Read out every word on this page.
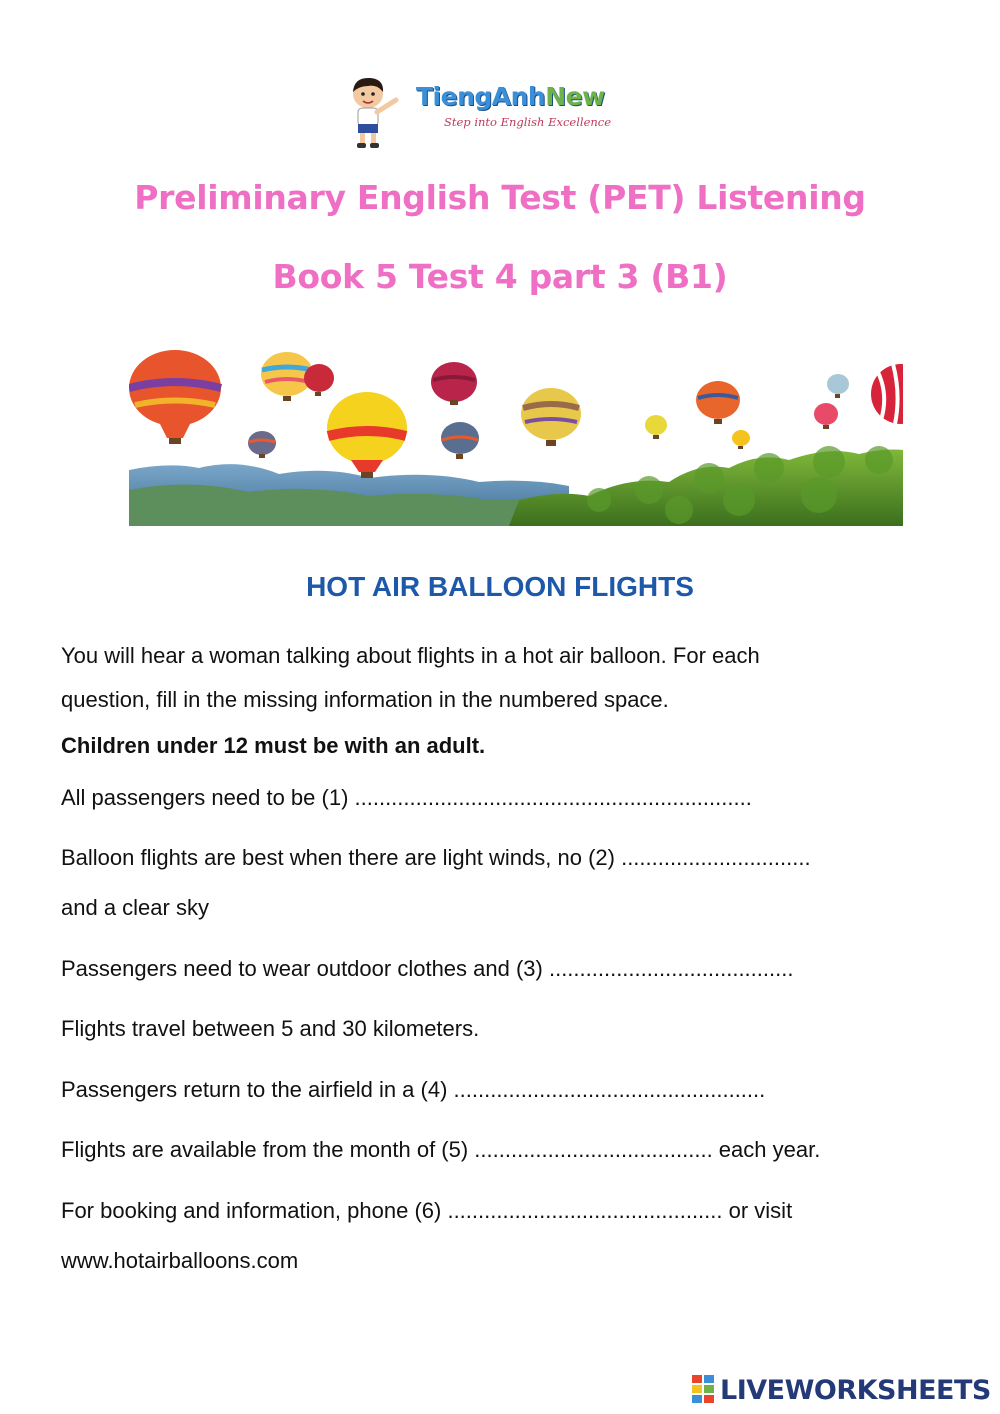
TiengAnhNew
Step into English Excellence
Preliminary English Test (PET) Listening
Book 5 Test 4 part 3 (B1)
HOT AIR BALLOON FLIGHTS
You will hear a woman talking about flights in a hot air balloon. For each
question, fill in the missing information in the numbered space.
Children under 12 must be with an adult.
All passengers need to be (1) .................................................................
Balloon flights are best when there are light winds, no (2) ...............................
and a clear sky
Passengers need to wear outdoor clothes and (3) ........................................
Flights travel between 5 and 30 kilometers.
Passengers return to the airfield in a (4) ...................................................
Flights are available from the month of (5) ....................................... each year.
For booking and information, phone (6) ............................................. or visit
www.hotairballoons.com
LIVEWORKSHEETS
